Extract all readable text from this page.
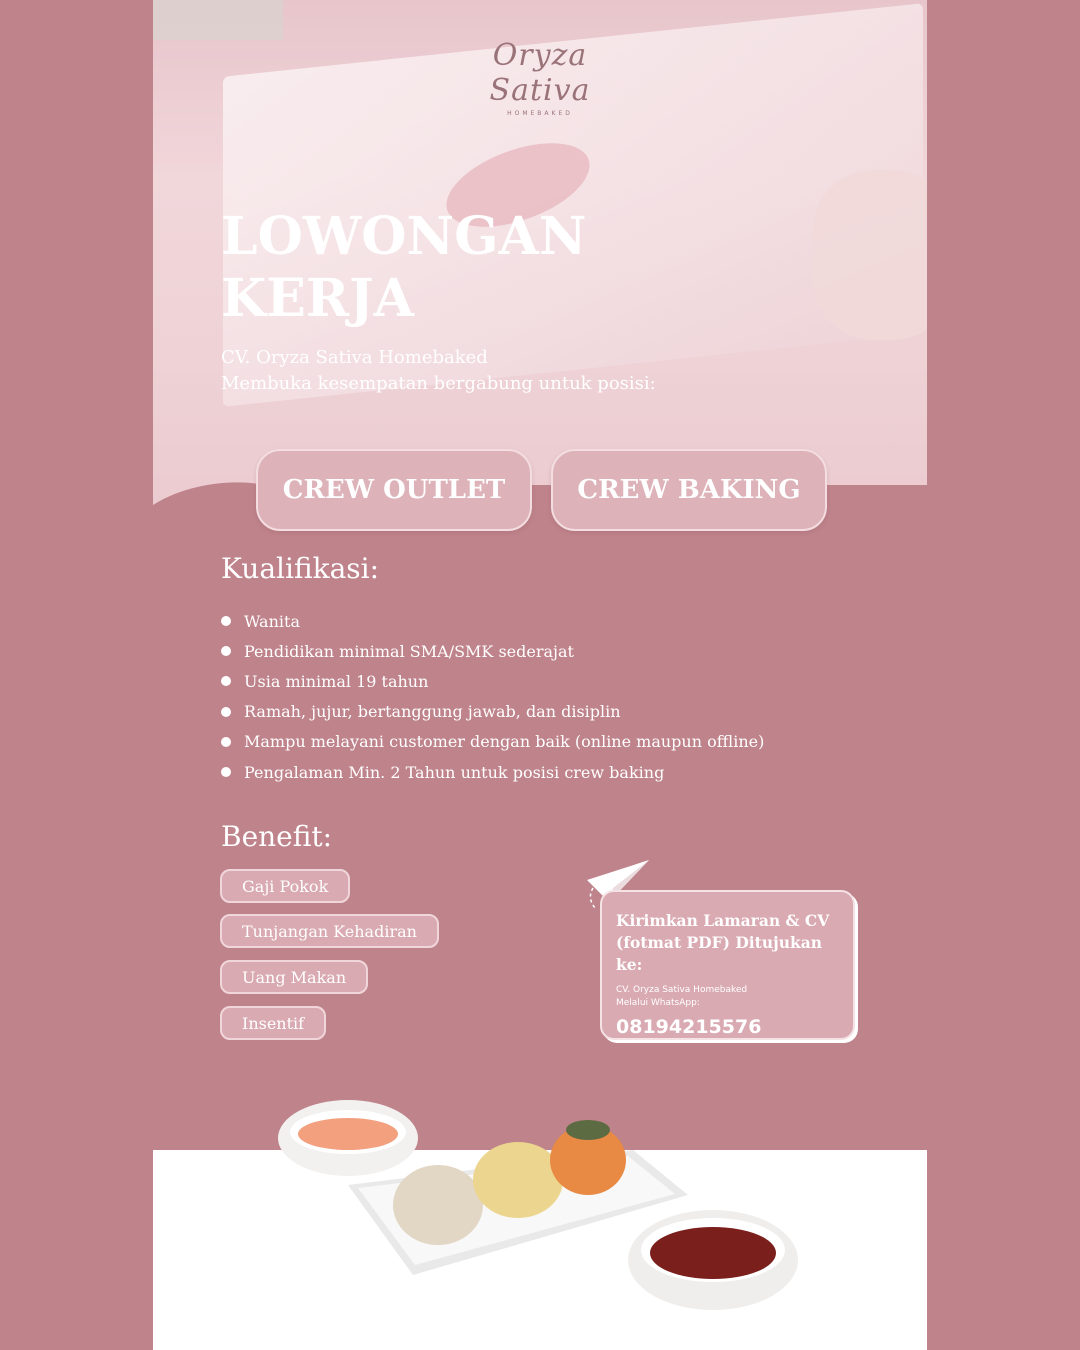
Oryza Sativa
HOMEBAKED
LOWONGAN
KERJA
CV. Oryza Sativa Homebaked
Membuka kesempatan bergabung untuk posisi:
CREW OUTLET	CREW BAKING
Kualifikasi:
Wanita
Pendidikan minimal SMA/SMK sederajat
Usia minimal 19 tahun
Ramah, jujur, bertanggung jawab, dan disiplin
Mampu melayani customer dengan baik (online maupun offline)
Pengalaman Min. 2 Tahun untuk posisi crew baking
Benefit:
Gaji Pokok
Tunjangan Kehadiran
Uang Makan
Insentif
Kirimkan Lamaran & CV
(fotmat PDF) Ditujukan ke:
CV. Oryza Sativa Homebaked
Melalui WhatsApp:
08194215576
